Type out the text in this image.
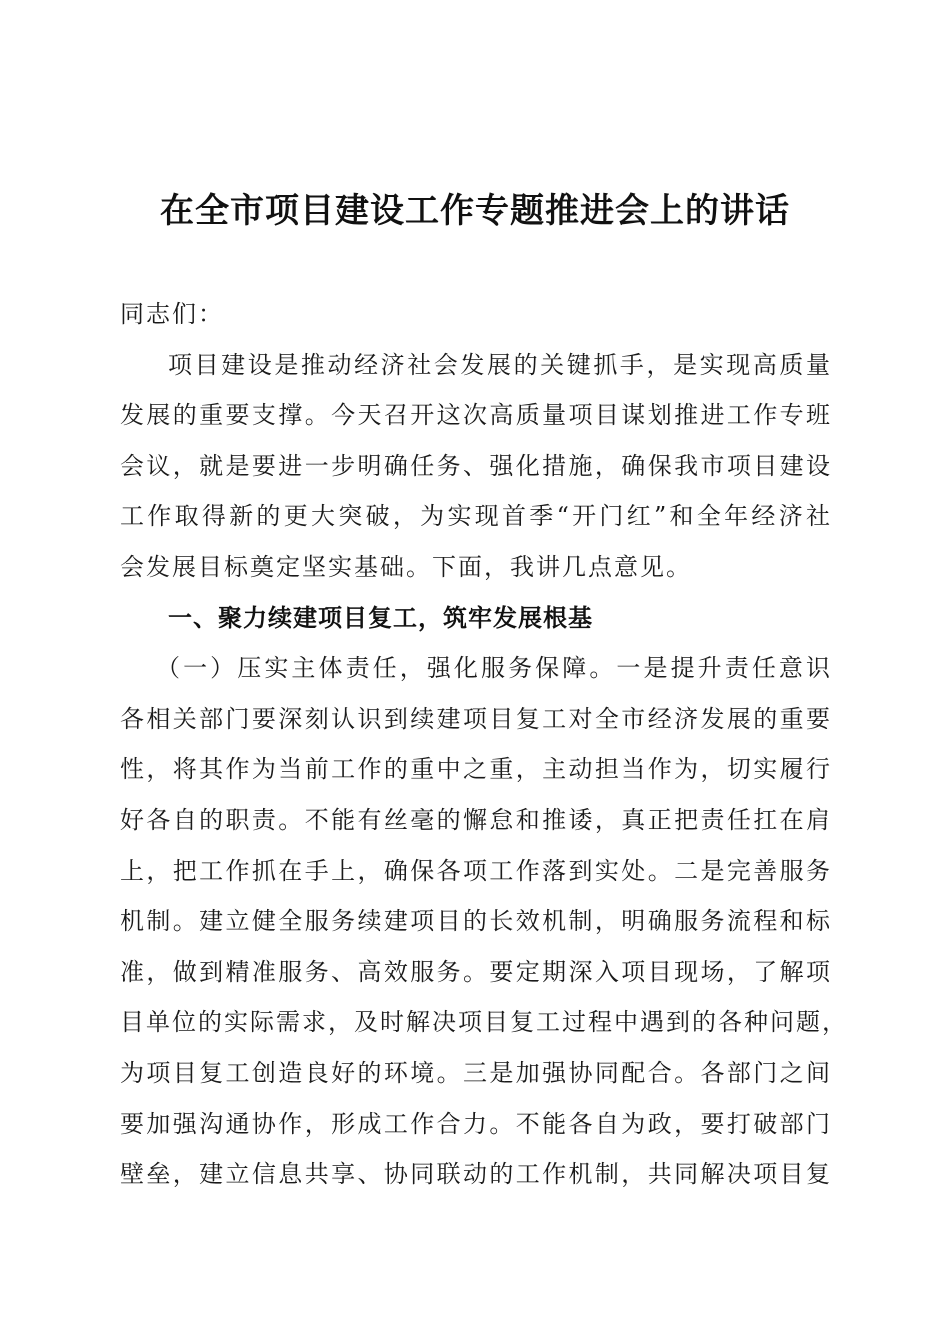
在全市项目建设工作专题推进会上的讲话
同志们：
项目建设是推动经济社会发展的关键抓手，是实现高质量
发展的重要支撑。今天召开这次高质量项目谋划推进工作专班
会议，就是要进一步明确任务、强化措施，确保我市项目建设
工作取得新的更大突破，为实现首季“开门红”和全年经济社
会发展目标奠定坚实基础。下面，我讲几点意见。
一、聚力续建项目复工，筑牢发展根基
（一）压实主体责任，强化服务保障。一是提升责任意识
各相关部门要深刻认识到续建项目复工对全市经济发展的重要
性，将其作为当前工作的重中之重，主动担当作为，切实履行
好各自的职责。不能有丝毫的懈怠和推诿，真正把责任扛在肩
上，把工作抓在手上，确保各项工作落到实处。二是完善服务
机制。建立健全服务续建项目的长效机制，明确服务流程和标
准，做到精准服务、高效服务。要定期深入项目现场，了解项
目单位的实际需求，及时解决项目复工过程中遇到的各种问题，
为项目复工创造良好的环境。三是加强协同配合。各部门之间
要加强沟通协作，形成工作合力。不能各自为政，要打破部门
壁垒，建立信息共享、协同联动的工作机制，共同解决项目复
